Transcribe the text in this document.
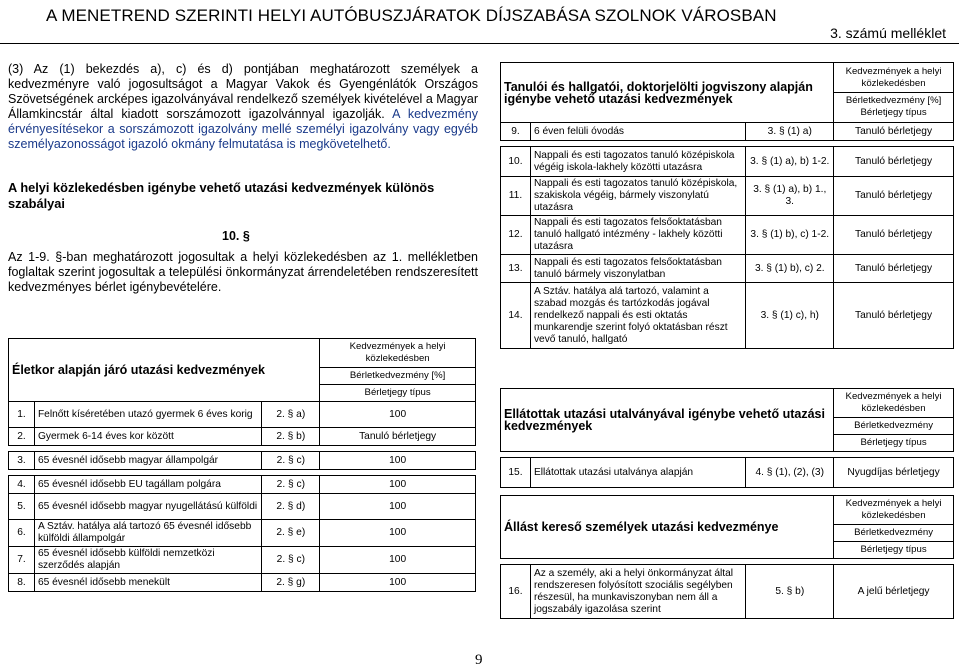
A MENETREND SZERINTI HELYI AUTÓBUSZJÁRATOK DÍJSZABÁSA SZOLNOK VÁROSBAN
3. számú melléklet
(3) Az (1) bekezdés a), c) és d) pontjában meghatározott személyek a kedvezményre való jogosultságot a Magyar Vakok és Gyengénlátók Országos Szövetségének arcképes igazolványával rendelkező személyek kivételével a Magyar Államkincstár által kiadott sorszámozott igazolvánnyal igazolják. A kedvezmény érvényesítésekor a sorszámozott igazolvány mellé személyi igazolvány vagy egyéb személyazonosságot igazoló okmány felmutatása is megkövetelhető.
A helyi közlekedésben igénybe vehető utazási kedvezmények különös szabályai
10. §
Az 1-9. §-ban meghatározott jogosultak a helyi közlekedésben az 1. mellékletben foglaltak szerint jogosultak a települési önkormányzat árrendeletében rendszeresített kedvezményes bérlet igénybevételére.
Életkor alapján járó utazási kedvezmények			Kedvezmények a helyi közlekedésben
Bérletkedvezmény [%]
Bérletjegy típus

1.	Felnőtt kíséretében utazó gyermek 6 éves korig	2. § a)	100
2.	Gyermek 6-14 éves kor között	2. § b)	Tanuló bérletjegy

3.	65 évesnél idősebb magyar állampolgár	2. § c)	100

4.	65 évesnél idősebb EU tagállam polgára	2. § c)	100
5.	65 évesnél idősebb magyar nyugellátású külföldi	2. § d)	100
6.	A Sztáv. hatálya alá tartozó 65 évesnél idősebb külföldi állampolgár	2. § e)	100
7.	65 évesnél idősebb külföldi nemzetközi szerződés alapján	2. § c)	100
8.	65 évesnél idősebb menekült	2. § g)	100
Tanulói és hallgatói, doktorjelölti jogviszony alapján igénybe vehető utazási kedvezmények			Kedvezmények a helyi közlekedésben
Bérletkedvezmény [%] Bérletjegy típus

9.	6 éven felüli óvodás	3. § (1) a)	Tanuló bérletjegy

10.	Nappali és esti tagozatos tanuló középiskola végéig iskola-lakhely közötti utazásra	3. § (1) a), b) 1-2.	Tanuló bérletjegy
11.	Nappali és esti tagozatos tanuló középiskola, szakiskola végéig, bármely viszonylatú utazásra	3. § (1) a), b) 1., 3.	Tanuló bérletjegy
12.	Nappali és esti tagozatos felsőoktatásban tanuló hallgató intézmény - lakhely közötti utazásra	3. § (1) b), c) 1-2.	Tanuló bérletjegy
13.	Nappali és esti tagozatos felsőoktatásban tanuló bármely viszonylatban	3. § (1) b), c) 2.	Tanuló bérletjegy
14.	A Sztáv. hatálya alá tartozó, valamint a szabad mozgás és tartózkodás jogával rendelkező nappali és esti oktatás munkarendje szerint folyó oktatásban részt vevő tanuló, hallgató	3. § (1) c), h)	Tanuló bérletjegy
Ellátottak utazási utalványával igénybe vehető utazási kedvezmények			Kedvezmények a helyi közlekedésben
Bérletkedvezmény
Bérletjegy típus

15.	Ellátottak utazási utalványa alapján	4. § (1), (2), (3)	Nyugdíjas bérletjegy
Állást kereső személyek utazási kedvezménye			Kedvezmények a helyi közlekedésben
Bérletkedvezmény
Bérletjegy típus

16.	Az a személy, aki a helyi önkormányzat által rendszeresen folyósított szociális segélyben részesül, ha munkaviszonyban nem áll a jogszabály igazolása szerint	5. § b)	A jelű bérletjegy
9
